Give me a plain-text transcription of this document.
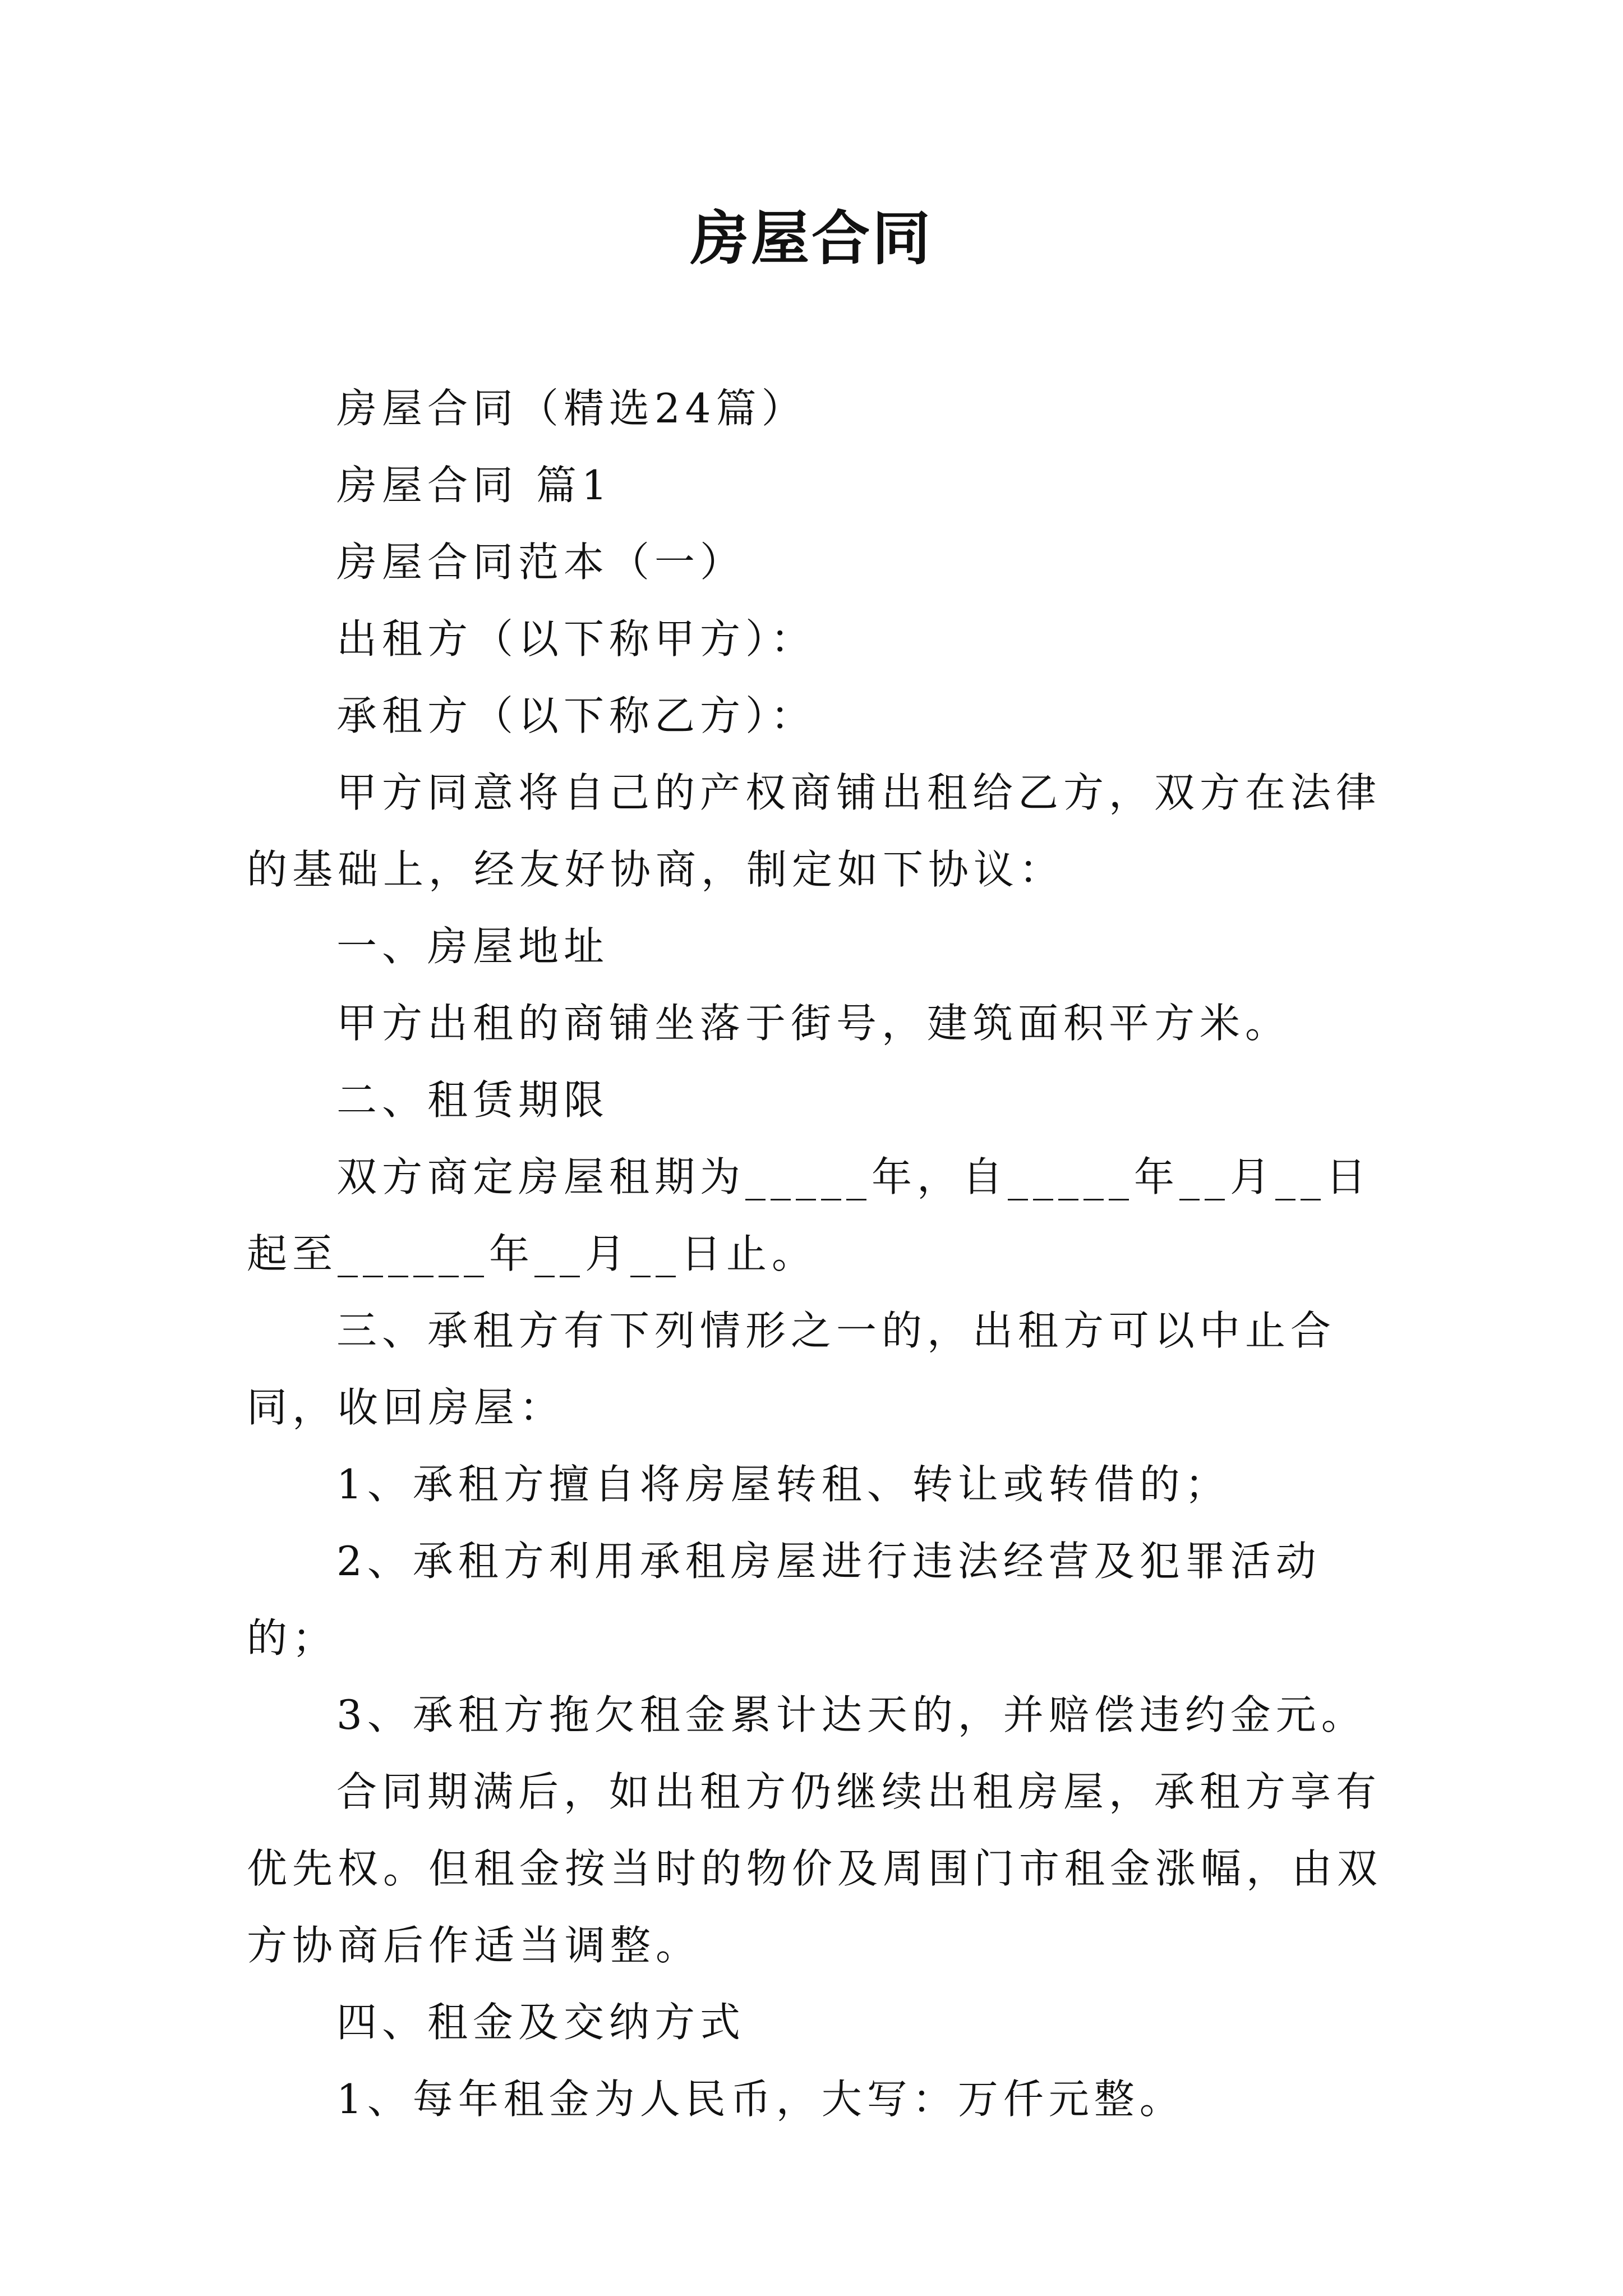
房屋合同

房屋合同（精选24篇）

房屋合同 篇1

房屋合同范本（一）

出租方（以下称甲方）：

承租方（以下称乙方）：

甲方同意将自己的产权商铺出租给乙方，双方在法律的基础上，经友好协商，制定如下协议：

一、房屋地址

甲方出租的商铺坐落于街号，建筑面积平方米。

二、租赁期限

双方商定房屋租期为_____年，自_____年__月__日起至______年__月__日止。

三、承租方有下列情形之一的，出租方可以中止合同，收回房屋：

1、承租方擅自将房屋转租、转让或转借的；

2、承租方利用承租房屋进行违法经营及犯罪活动的；

3、承租方拖欠租金累计达天的，并赔偿违约金元。

合同期满后，如出租方仍继续出租房屋，承租方享有优先权。但租金按当时的物价及周围门市租金涨幅，由双方协商后作适当调整。

四、租金及交纳方式

1、每年租金为人民币，大写：万仟元整。
